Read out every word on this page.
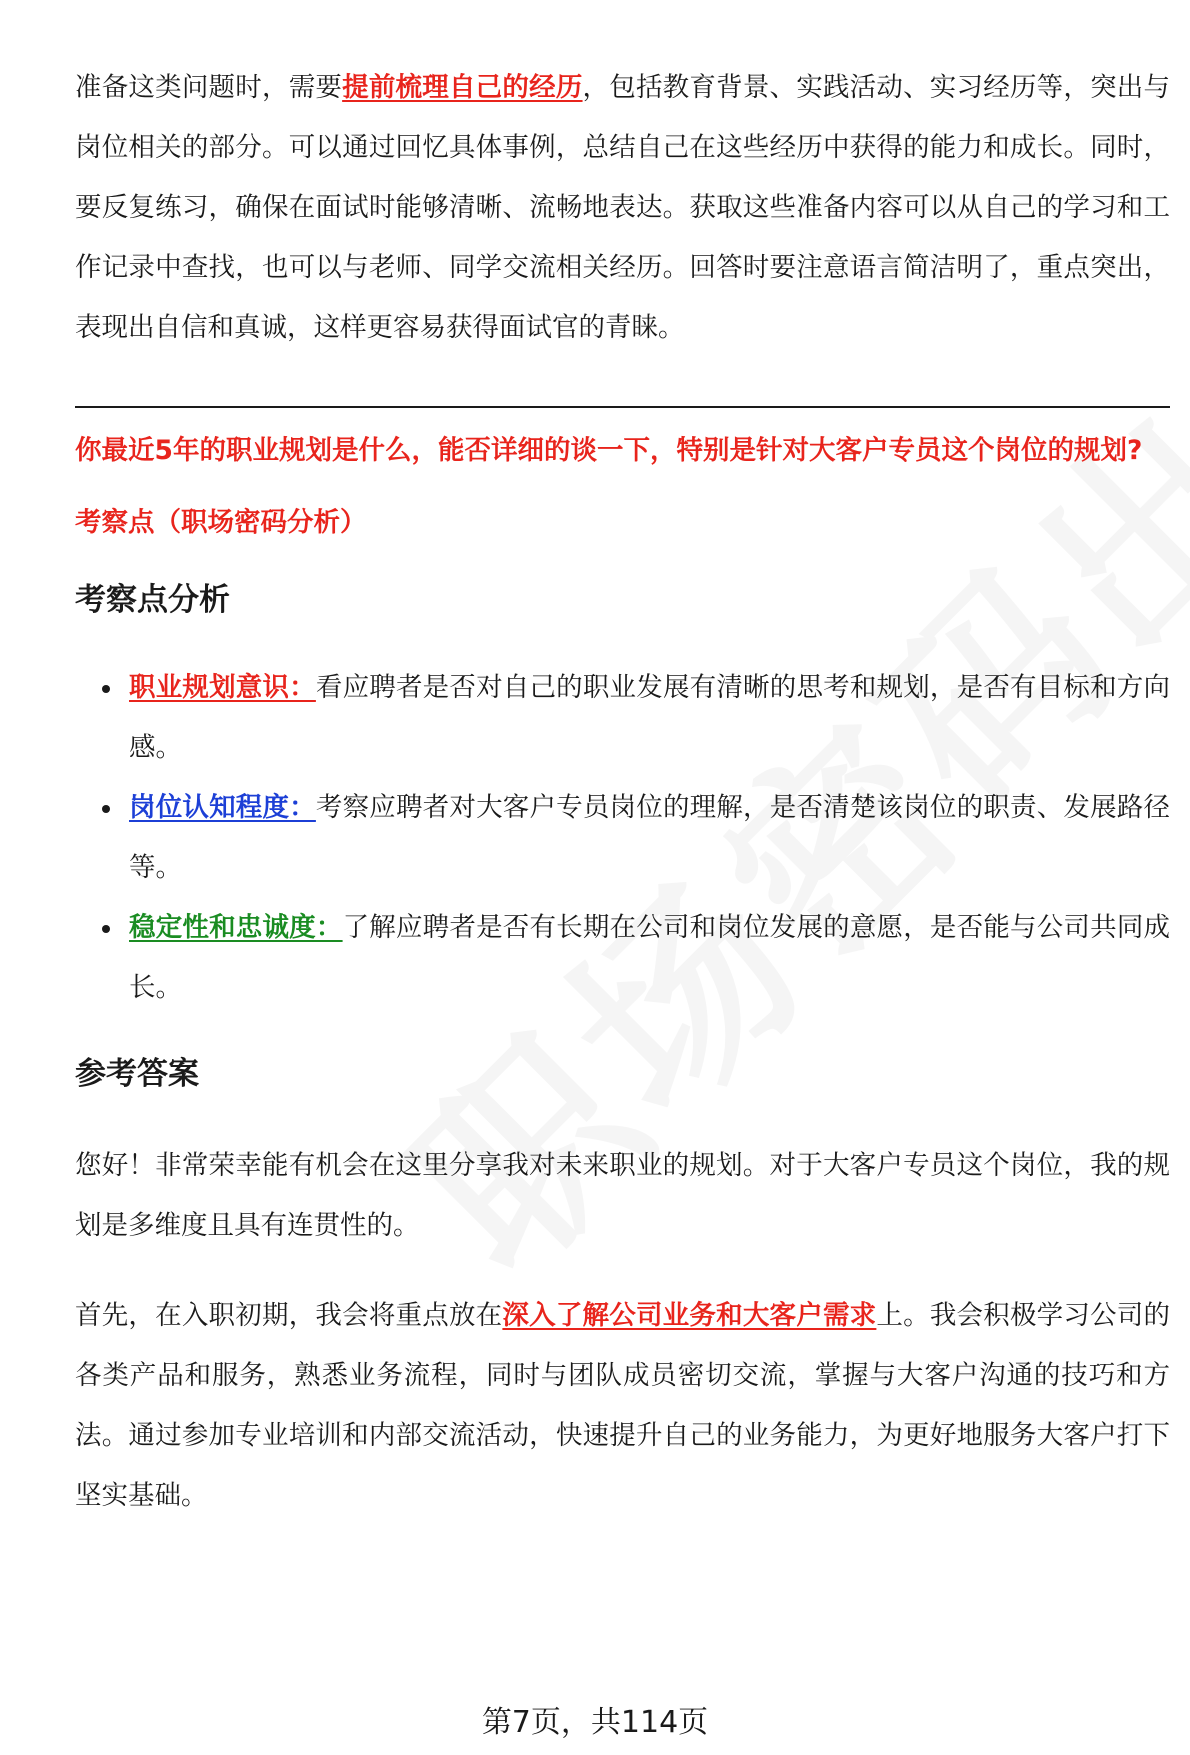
准备这类问题时，需要提前梳理自己的经历，包括教育背景、实践活动、实习经历等，突出与岗位相关的部分。可以通过回忆具体事例，总结自己在这些经历中获得的能力和成长。同时，要反复练习，确保在面试时能够清晰、流畅地表达。获取这些准备内容可以从自己的学习和工作记录中查找，也可以与老师、同学交流相关经历。回答时要注意语言简洁明了，重点突出，表现出自信和真诚，这样更容易获得面试官的青睐。

你最近5年的职业规划是什么，能否详细的谈一下，特别是针对大客户专员这个岗位的规划?

考察点（职场密码分析）

考察点分析
职业规划意识：看应聘者是否对自己的职业发展有清晰的思考和规划，是否有目标和方向感。
岗位认知程度：考察应聘者对大客户专员岗位的理解，是否清楚该岗位的职责、发展路径等。
稳定性和忠诚度：了解应聘者是否有长期在公司和岗位发展的意愿，是否能与公司共同成长。
参考答案

您好！非常荣幸能有机会在这里分享我对未来职业的规划。对于大客户专员这个岗位，我的规划是多维度且具有连贯性的。

首先，在入职初期，我会将重点放在深入了解公司业务和大客户需求上。我会积极学习公司的各类产品和服务，熟悉业务流程，同时与团队成员密切交流，掌握与大客户沟通的技巧和方法。通过参加专业培训和内部交流活动，快速提升自己的业务能力，为更好地服务大客户打下坚实基础。

第7页，共114页
